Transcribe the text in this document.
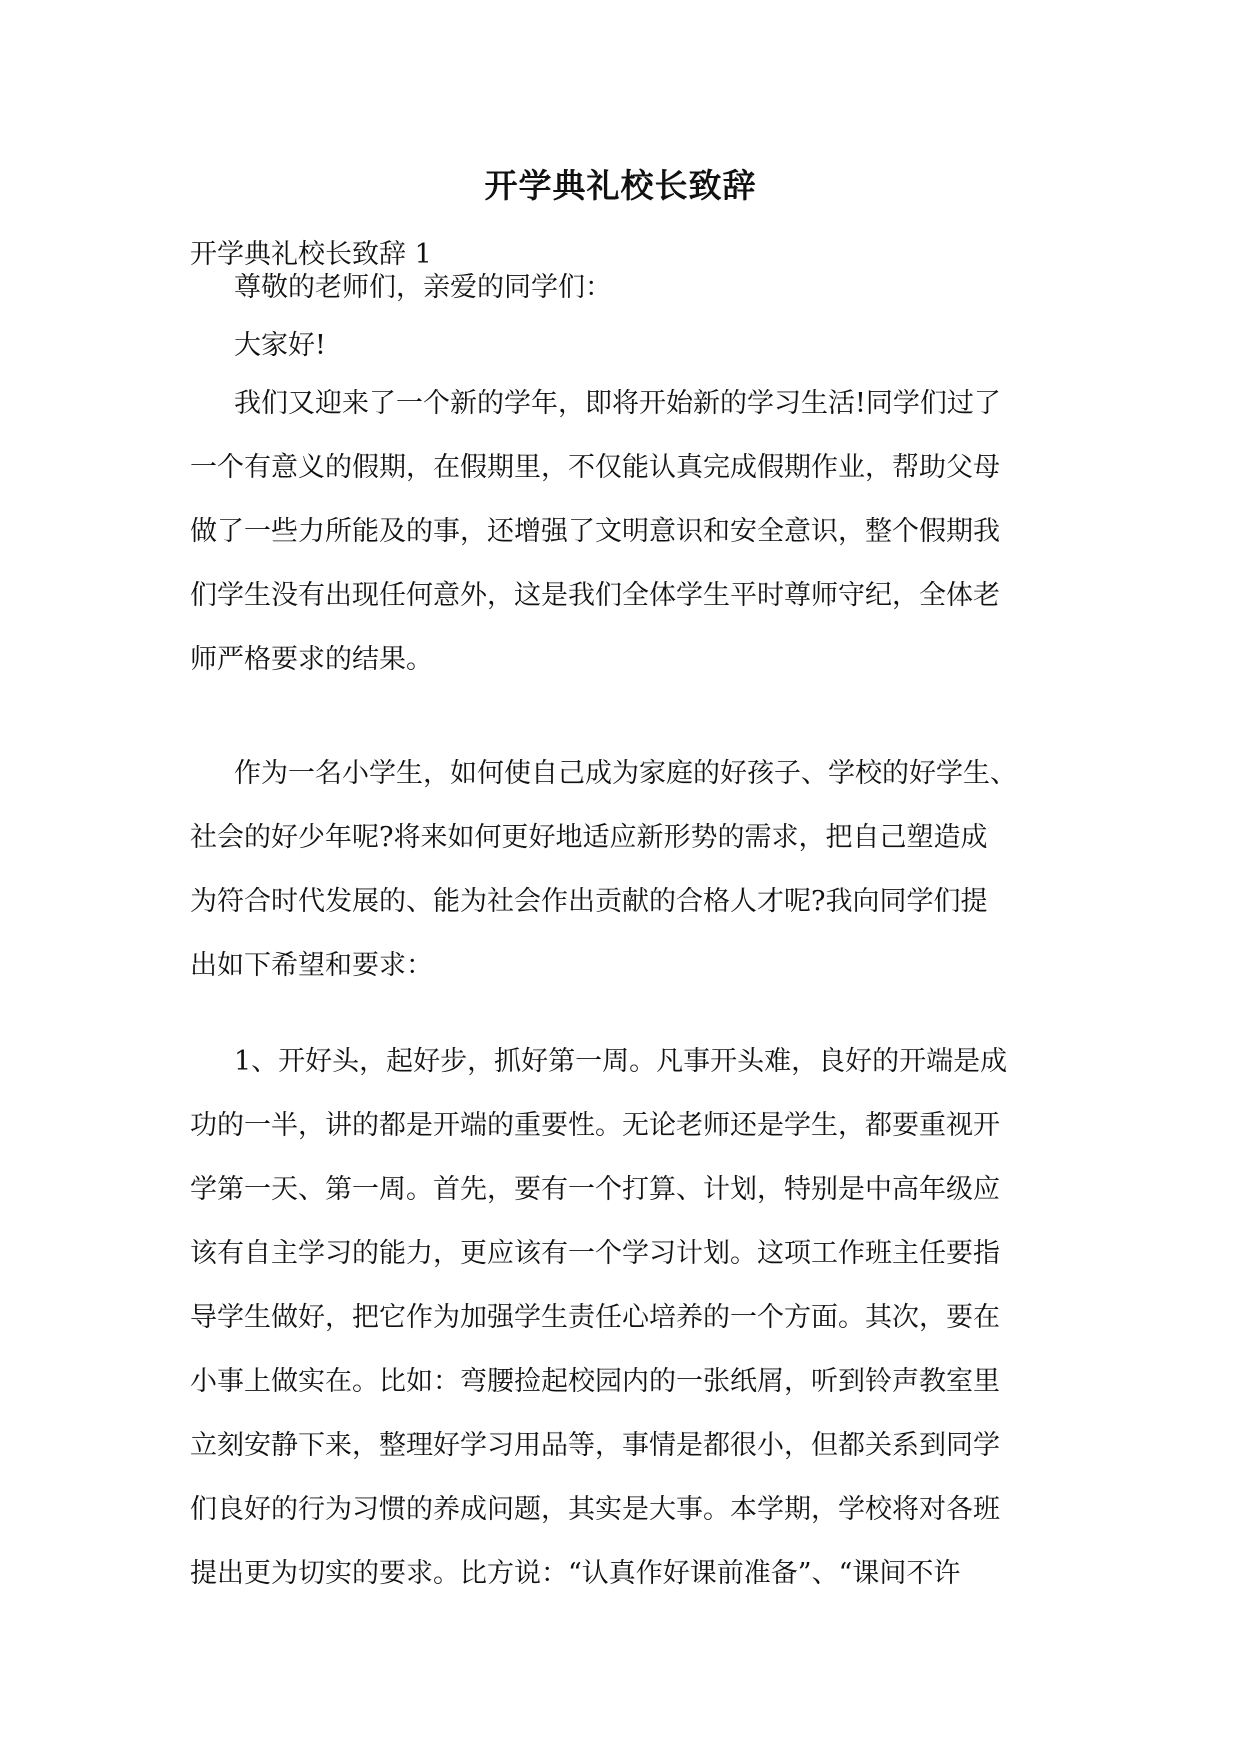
开学典礼校长致辞

开学典礼校长致辞 1

尊敬的老师们，亲爱的同学们：
大家好!
我们又迎来了一个新的学年，即将开始新的学习生活!同学们过了
一个有意义的假期，在假期里，不仅能认真完成假期作业，帮助父母
做了一些力所能及的事，还增强了文明意识和安全意识，整个假期我
们学生没有出现任何意外，这是我们全体学生平时尊师守纪，全体老
师严格要求的结果。
作为一名小学生，如何使自己成为家庭的好孩子、学校的好学生、
社会的好少年呢?将来如何更好地适应新形势的需求，把自己塑造成
为符合时代发展的、能为社会作出贡献的合格人才呢?我向同学们提
出如下希望和要求：
1、开好头，起好步，抓好第一周。凡事开头难，良好的开端是成
功的一半，讲的都是开端的重要性。无论老师还是学生，都要重视开
学第一天、第一周。首先，要有一个打算、计划，特别是中高年级应
该有自主学习的能力，更应该有一个学习计划。这项工作班主任要指
导学生做好，把它作为加强学生责任心培养的一个方面。其次，要在
小事上做实在。比如：弯腰捡起校园内的一张纸屑，听到铃声教室里
立刻安静下来，整理好学习用品等，事情是都很小，但都关系到同学
们良好的行为习惯的养成问题，其实是大事。本学期，学校将对各班
提出更为切实的要求。比方说：“认真作好课前准备”、“课间不许
